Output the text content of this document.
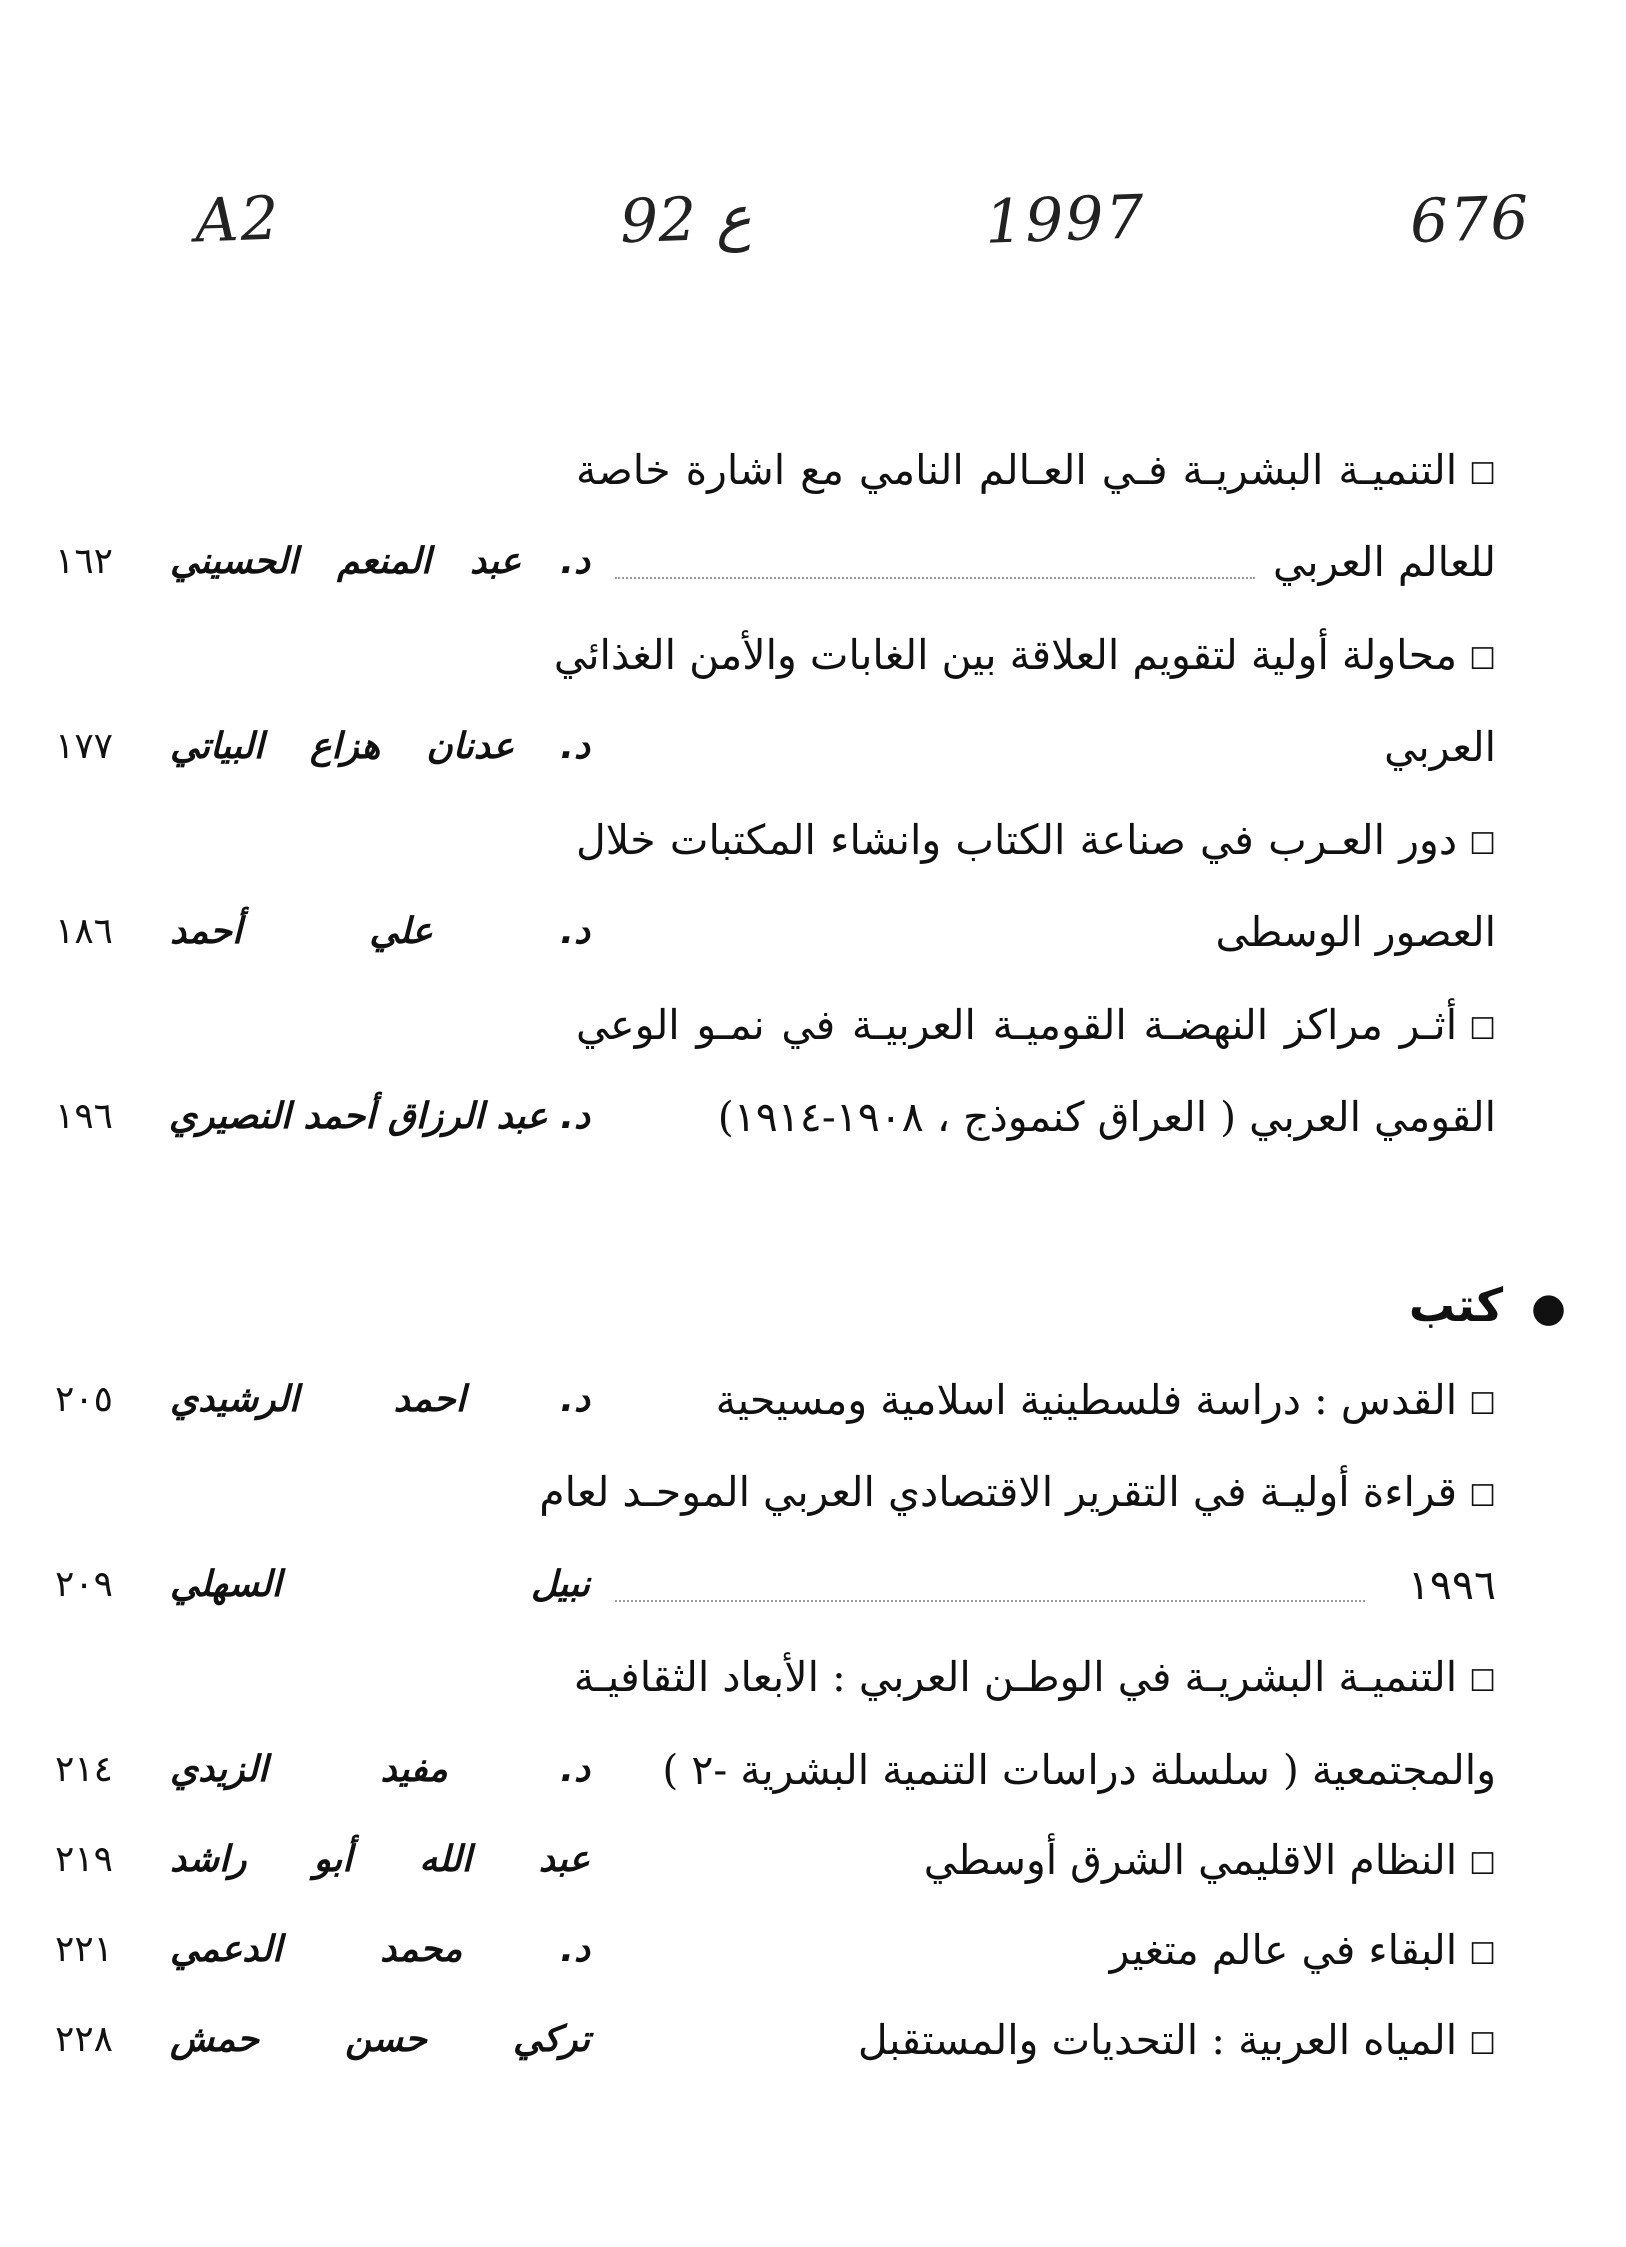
A2	92 ع	1997	676
☐التنميـة البشريـة فـي العـالم النامي مع اشارة خاصة
للعالم العربي
د. عبد المنعم الحسيني
١٦٢
☐محاولة أولية لتقويم العلاقة بين الغابات والأمن الغذائي
العربي
د. عدنان هزاع البياتي
١٧٧
☐دور العـرب في صناعة الكتاب وانشاء المكتبات خلال
العصور الوسطى
د. علي أحمد
١٨٦
☐أثـر مراكز النهضـة القوميـة العربيـة في نمـو الوعي
القومي العربي ( العراق كنموذج ، ١٩٠٨-١٩١٤)
د. عبد الرزاق أحمد النصيري
١٩٦
●كتب
☐القدس : دراسة فلسطينية اسلامية ومسيحية
د. احمد الرشيدي
٢٠٥
☐قراءة أوليـة في التقرير الاقتصادي العربي الموحـد لعام
١٩٩٦
نبيل السهلي
٢٠٩
☐التنميـة البشريـة في الوطـن العربي : الأبعاد الثقافيـة
والمجتمعية ( سلسلة دراسات التنمية البشرية -٢ )
د. مفيد الزيدي
٢١٤
☐النظام الاقليمي الشرق أوسطي
عبد الله أبو راشد
٢١٩
☐البقاء في عالم متغير
د. محمد الدعمي
٢٢١
☐المياه العربية : التحديات والمستقبل
تركي حسن حمش
٢٢٨
